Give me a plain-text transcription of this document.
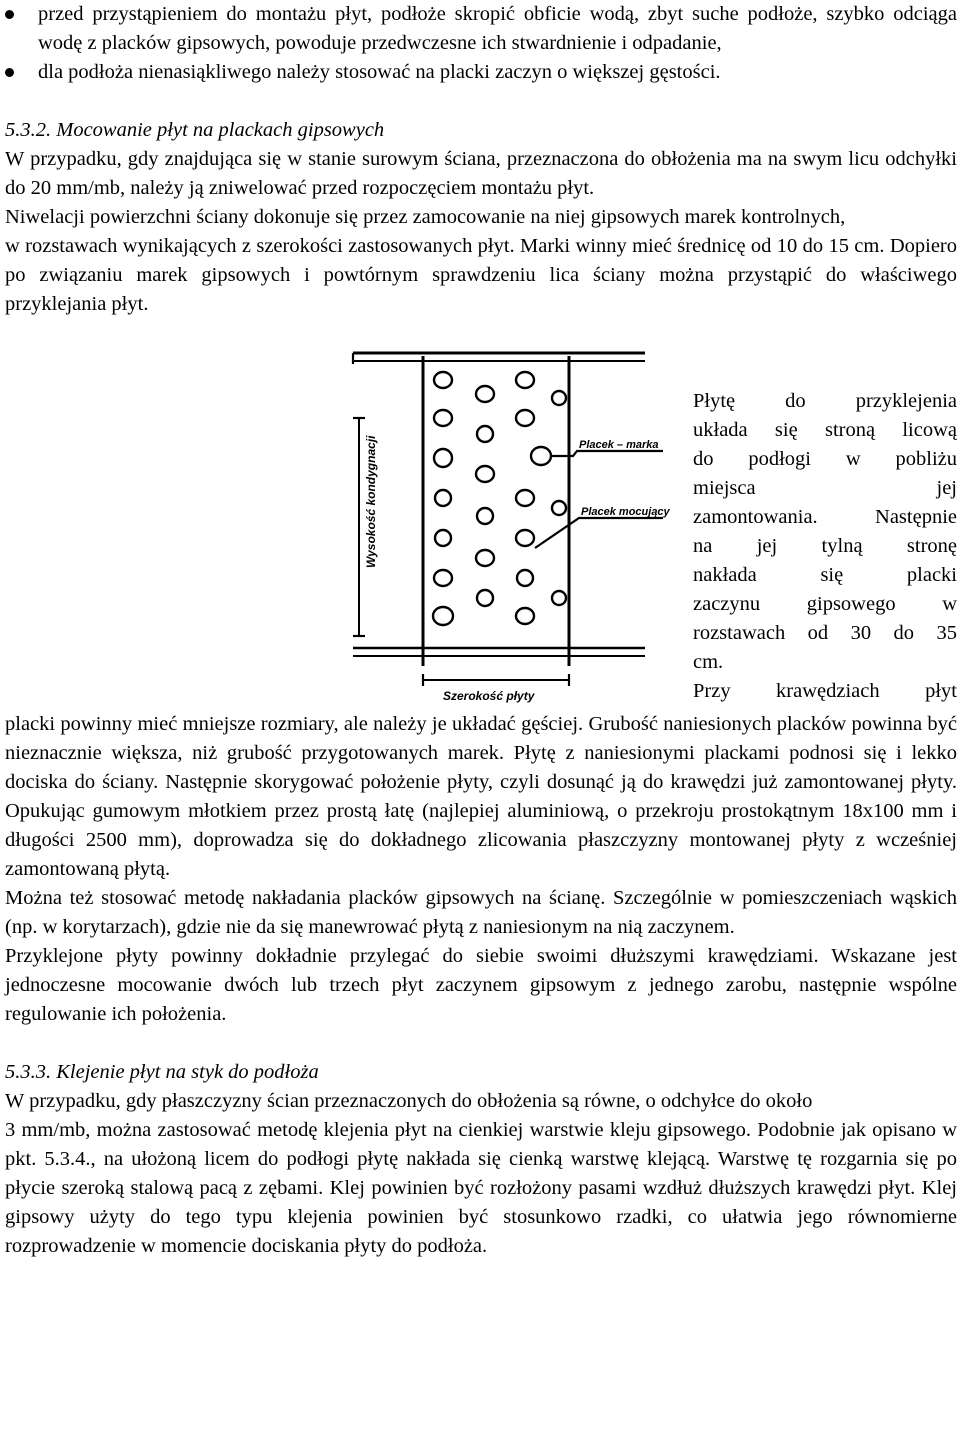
przed przystąpieniem do montażu płyt, podłoże skropić obficie wodą, zbyt suche podłoże, szybko odciąga wodę z placków gipsowych, powoduje przedwczesne ich stwardnienie i odpadanie,
dla podłoża nienasiąkliwego należy stosować na placki zaczyn o większej gęstości.

5.3.2. Mocowanie płyt na plackach gipsowych

W przypadku, gdy znajdująca się w stanie surowym ściana, przeznaczona do obłożenia ma na swym licu odchyłki do 20 mm/mb, należy ją zniwelować przed rozpoczęciem montażu płyt.

Niwelacji powierzchni ściany dokonuje się przez zamocowanie na niej gipsowych marek kontrolnych,

w rozstawach wynikających z szerokości zastosowanych płyt. Marki winny mieć średnicę od 10 do 15 cm. Dopiero po związaniu marek gipsowych i powtórnym sprawdzeniu lica ściany można przystąpić do właściwego przyklejania płyt.

Wysokość kondygnacji
Szerokość płyty
Placek – marka
Placek mocujący
Płytę do przyklejenia
układa się stroną licową
do podłogi w pobliżu
miejsca jej
zamontowania. Następnie
na jej tylną stronę
nakłada się placki
zaczynu gipsowego w
rozstawach od 30 do 35
cm.
Przy krawędziach płyt

placki powinny mieć mniejsze rozmiary, ale należy je układać gęściej. Grubość naniesionych placków powinna być nieznacznie większa, niż grubość przygotowanych marek. Płytę z naniesionymi plackami podnosi się i lekko dociska do ściany. Następnie skorygować położenie płyty, czyli dosunąć ją do krawędzi już zamontowanej płyty. Opukując gumowym młotkiem przez prostą łatę (najlepiej aluminiową, o przekroju prostokątnym 18x100 mm i długości 2500 mm), doprowadza się do dokładnego zlicowania płaszczyzny montowanej płyty z wcześniej zamontowaną płytą.

Można też stosować metodę nakładania placków gipsowych na ścianę. Szczególnie w pomieszczeniach wąskich (np. w korytarzach), gdzie nie da się manewrować płytą z naniesionym na nią zaczynem.

Przyklejone płyty powinny dokładnie przylegać do siebie swoimi dłuższymi krawędziami. Wskazane jest jednoczesne mocowanie dwóch lub trzech płyt zaczynem gipsowym z jednego zarobu, następnie wspólne regulowanie ich położenia.

5.3.3. Klejenie płyt na styk do podłoża

W przypadku, gdy płaszczyzny ścian przeznaczonych do obłożenia są równe, o odchyłce do około

3 mm/mb, można zastosować metodę klejenia płyt na cienkiej warstwie kleju gipsowego. Podobnie jak opisano w pkt. 5.3.4., na ułożoną licem do podłogi płytę nakłada się cienką warstwę klejącą. Warstwę tę rozgarnia się po płycie szeroką stalową pacą z zębami. Klej powinien być rozłożony pasami wzdłuż dłuższych krawędzi płyt. Klej gipsowy użyty do tego typu klejenia powinien być stosunkowo rzadki, co ułatwia jego równomierne rozprowadzenie w momencie dociskania płyty do podłoża.
